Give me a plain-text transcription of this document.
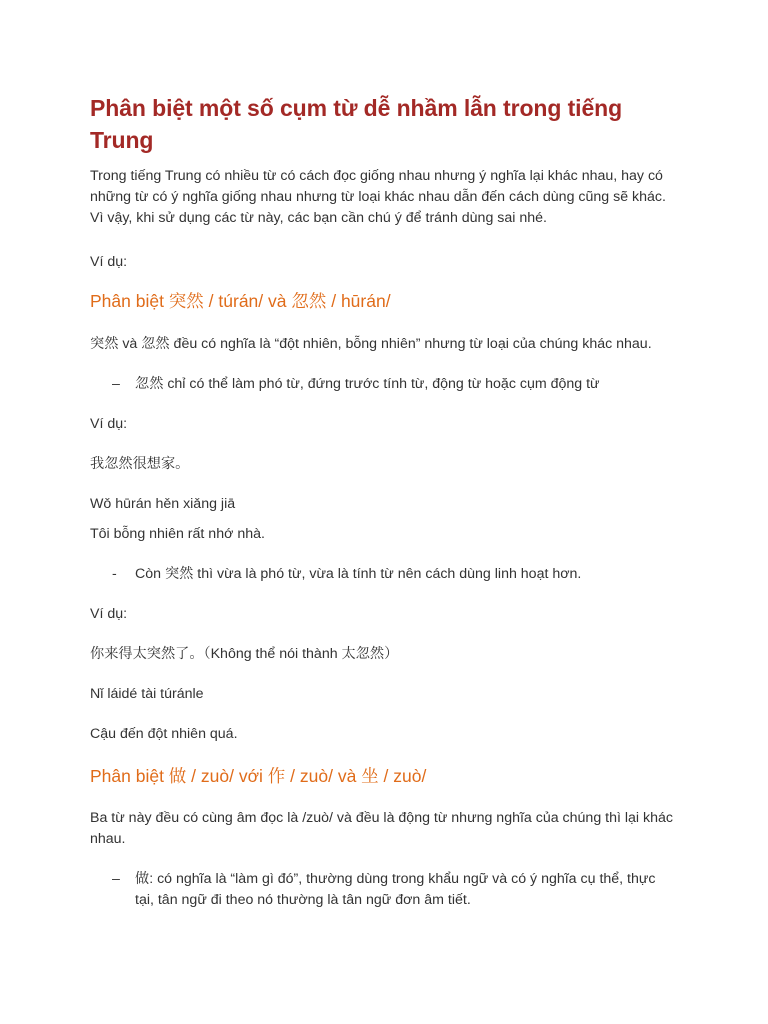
Phân biệt một số cụm từ dễ nhầm lẫn trong tiếng Trung

Trong tiếng Trung có nhiều từ có cách đọc giống nhau nhưng ý nghĩa lại khác nhau, hay có những từ có ý nghĩa giống nhau nhưng từ loại khác nhau dẫn đến cách dùng cũng sẽ khác. Vì vậy, khi sử dụng các từ này, các bạn cần chú ý để tránh dùng sai nhé.

Ví dụ:

Phân biệt 突然 / túrán/ và 忽然 / hūrán/

突然 và 忽然 đều có nghĩa là “đột nhiên, bỗng nhiên” nhưng từ loại của chúng khác nhau.

–	忽然 chỉ có thể làm phó từ, đứng trước tính từ, động từ hoặc cụm động từ

Ví dụ:

我忽然很想家。

Wǒ hūrán hěn xiǎng jiā

Tôi bỗng nhiên rất nhớ nhà.

-	Còn 突然 thì vừa là phó từ, vừa là tính từ nên cách dùng linh hoạt hơn.

Ví dụ:

你来得太突然了。（Không thể nói thành 太忽然）

Nǐ láidé tài túránle

Cậu đến đột nhiên quá.

Phân biệt 做 / zuò/ với 作 / zuò/ và 坐 / zuò/

Ba từ này đều có cùng âm đọc là /zuò/ và đều là động từ nhưng nghĩa của chúng thì lại khác nhau.

–	做: có nghĩa là “làm gì đó”, thường dùng trong khẩu ngữ và có ý nghĩa cụ thể, thực tại, tân ngữ đi theo nó thường là tân ngữ đơn âm tiết.
